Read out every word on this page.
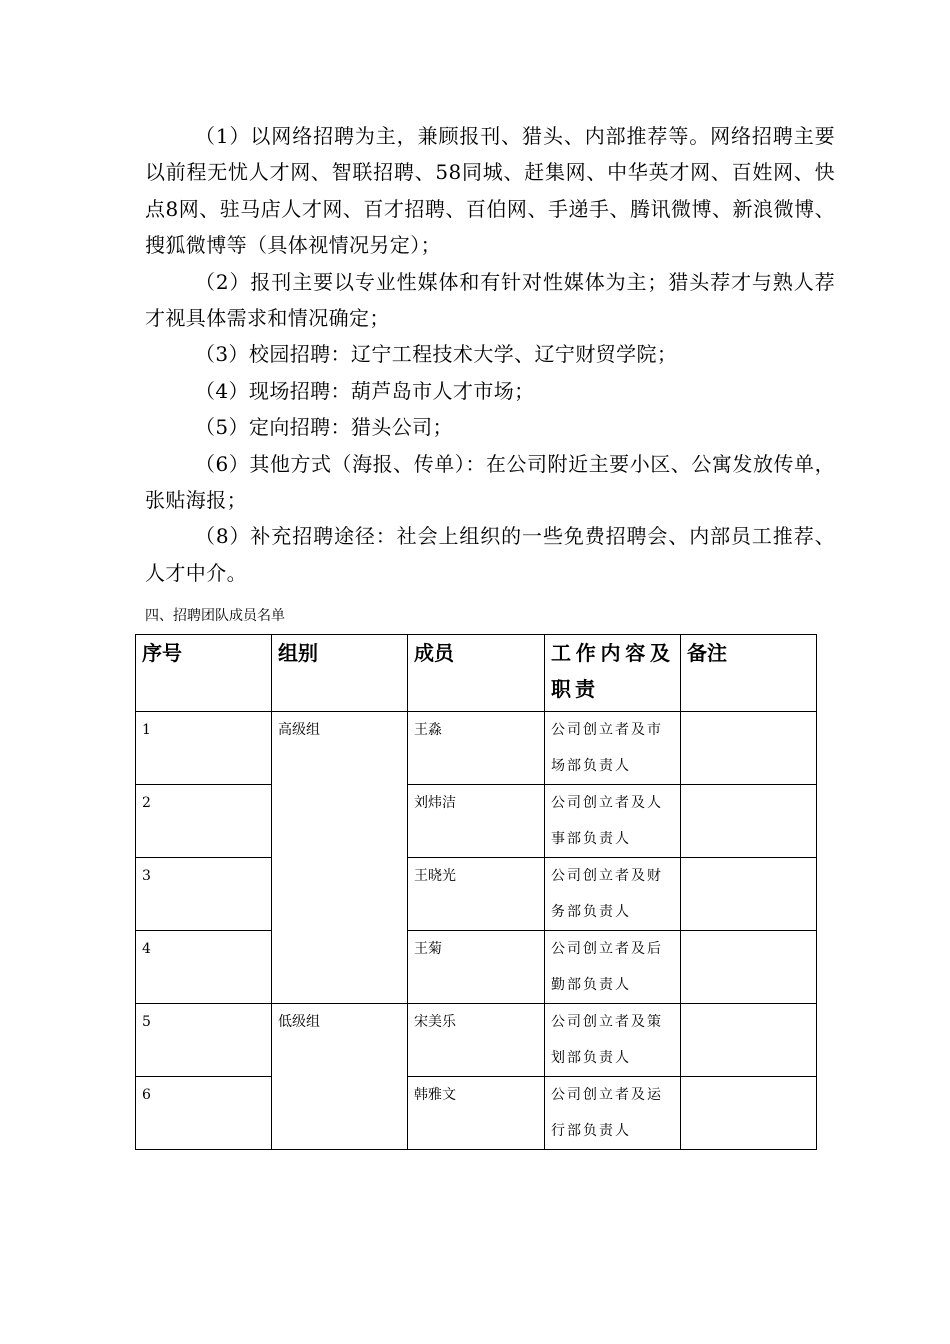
（1）以网络招聘为主，兼顾报刊、猎头、内部推荐等。网络招聘主要以前程无忧人才网、智联招聘、58同城、赶集网、中华英才网、百姓网、快点8网、驻马店人才网、百才招聘、百伯网、手递手、腾讯微博、新浪微博、搜狐微博等（具体视情况另定）；

（2）报刊主要以专业性媒体和有针对性媒体为主；猎头荐才与熟人荐才视具体需求和情况确定；

（3）校园招聘：辽宁工程技术大学、辽宁财贸学院；

（4）现场招聘：葫芦岛市人才市场；

（5）定向招聘：猎头公司；

（6）其他方式（海报、传单）：在公司附近主要小区、公寓发放传单，张贴海报；

（8）补充招聘途径：社会上组织的一些免费招聘会、内部员工推荐、人才中介。

四、招聘团队成员名单
序号	组别	成员	工作内容及职责	备注
1	高级组	王淼	公司创立者及市场部负责人	
2		刘炜洁	公司创立者及人事部负责人	
3		王晓光	公司创立者及财务部负责人	
4		王菊	公司创立者及后勤部负责人	
5	低级组	宋美乐	公司创立者及策划部负责人	
6		韩雅文	公司创立者及运行部负责人	
